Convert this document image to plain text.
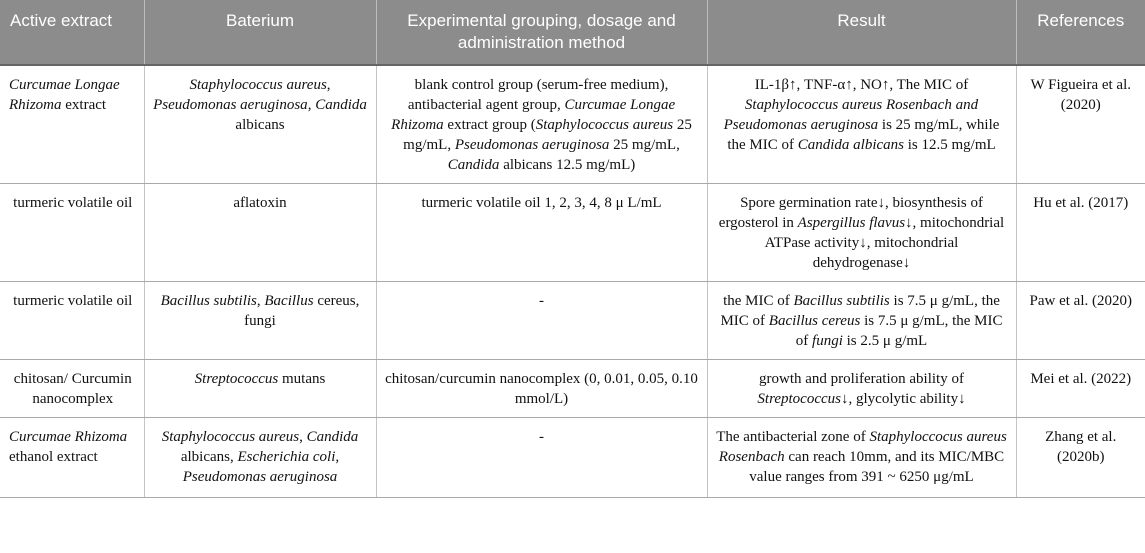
Active extract	Baterium	Experimental grouping, dosage and administration method	Result	References
Curcumae Longae Rhizoma extract	Staphylococcus aureus, Pseudomonas aeruginosa, Candida albicans	blank control group (serum-free medium), antibacterial agent group, Curcumae Longae Rhizoma extract group (Staphylococcus aureus 25 mg/mL, Pseudomonas aeruginosa 25 mg/mL, Candida albicans 12.5 mg/mL)	IL-1β↑, TNF-α↑, NO↑, The MIC of Staphylococcus aureus Rosenbach and Pseudomonas aeruginosa is 25 mg/mL, while the MIC of Candida albicans is 12.5 mg/mL	W Figueira et al. (2020)
turmeric volatile oil	aflatoxin	turmeric volatile oil 1, 2, 3, 4, 8 μ L/mL	Spore germination rate↓, biosynthesis of ergosterol in Aspergillus flavus↓, mitochondrial ATPase activity↓, mitochondrial dehydrogenase↓	Hu et al. (2017)
turmeric volatile oil	Bacillus subtilis, Bacillus cereus, fungi	-	the MIC of Bacillus subtilis is 7.5 μ g/mL, the MIC of Bacillus cereus is 7.5 μ g/mL, the MIC of fungi is 2.5 μ g/mL	Paw et al. (2020)
chitosan/ Curcumin nanocomplex	Streptococcus mutans	chitosan/curcumin nanocomplex (0, 0.01, 0.05, 0.10 mmol/L)	growth and proliferation ability of Streptococcus↓, glycolytic ability↓	Mei et al. (2022)
Curcumae Rhizoma ethanol extract	Staphylococcus aureus, Candida albicans, Escherichia coli, Pseudomonas aeruginosa	-	The antibacterial zone of Staphyloccocus aureus Rosenbach can reach 10mm, and its MIC/MBC value ranges from 391 ~ 6250 μg/mL	Zhang et al. (2020b)
